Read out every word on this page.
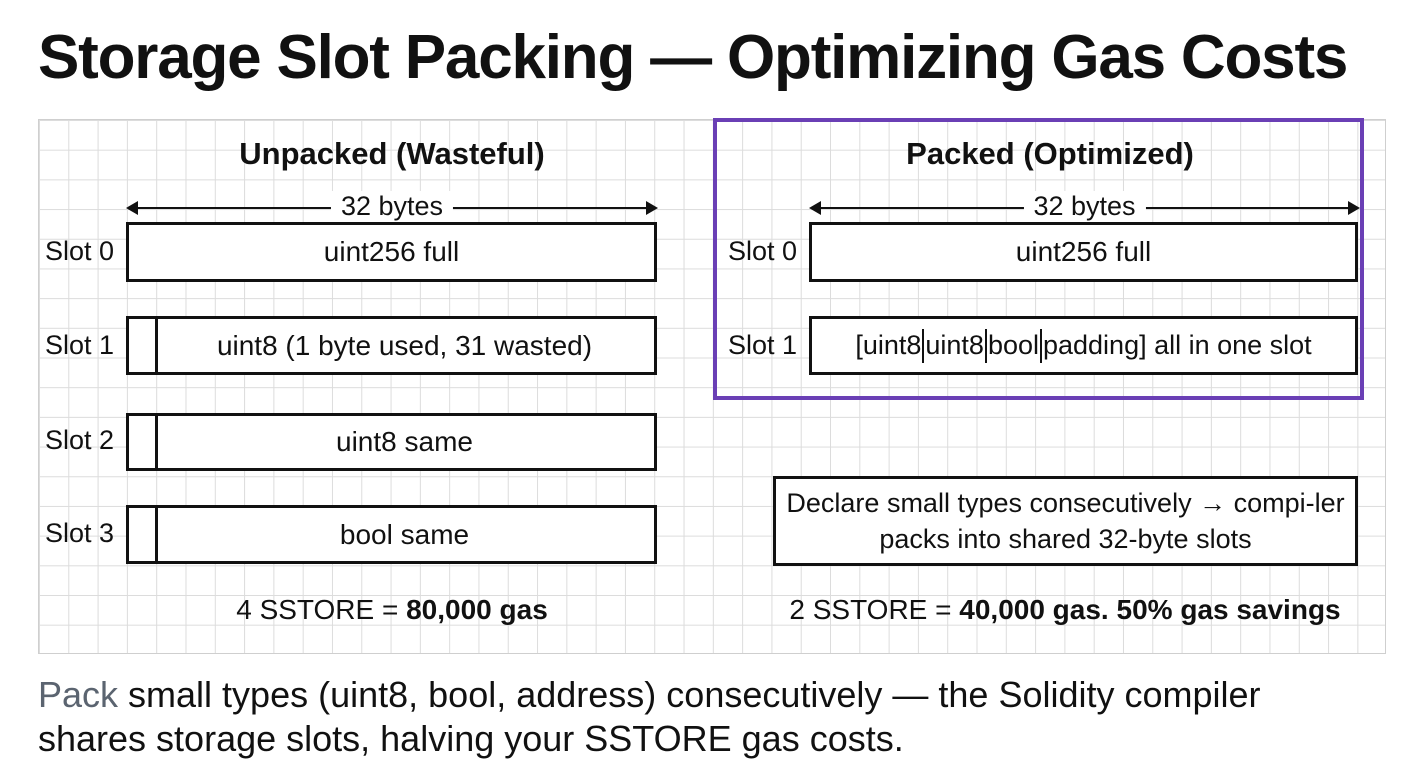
Storage Slot Packing — Optimizing Gas Costs
Unpacked (Wasteful)
32 bytes
Slot 0	uint256 full
Slot 1	uint8 (1 byte used, 31 wasted)
Slot 2	uint8 same
Slot 3	bool same
4 SSTORE = 80,000 gas
Packed (Optimized)
32 bytes
Slot 0	uint256 full
Slot 1 [uint8 uint8 bool padding] all in one slot
Declare small types consecutively → compi-ler packs into shared 32-byte slots
2 SSTORE = 40,000 gas. 50% gas savings
Pack small types (uint8, bool, address) consecutively — the Solidity compiler shares storage slots, halving your SSTORE gas costs.
